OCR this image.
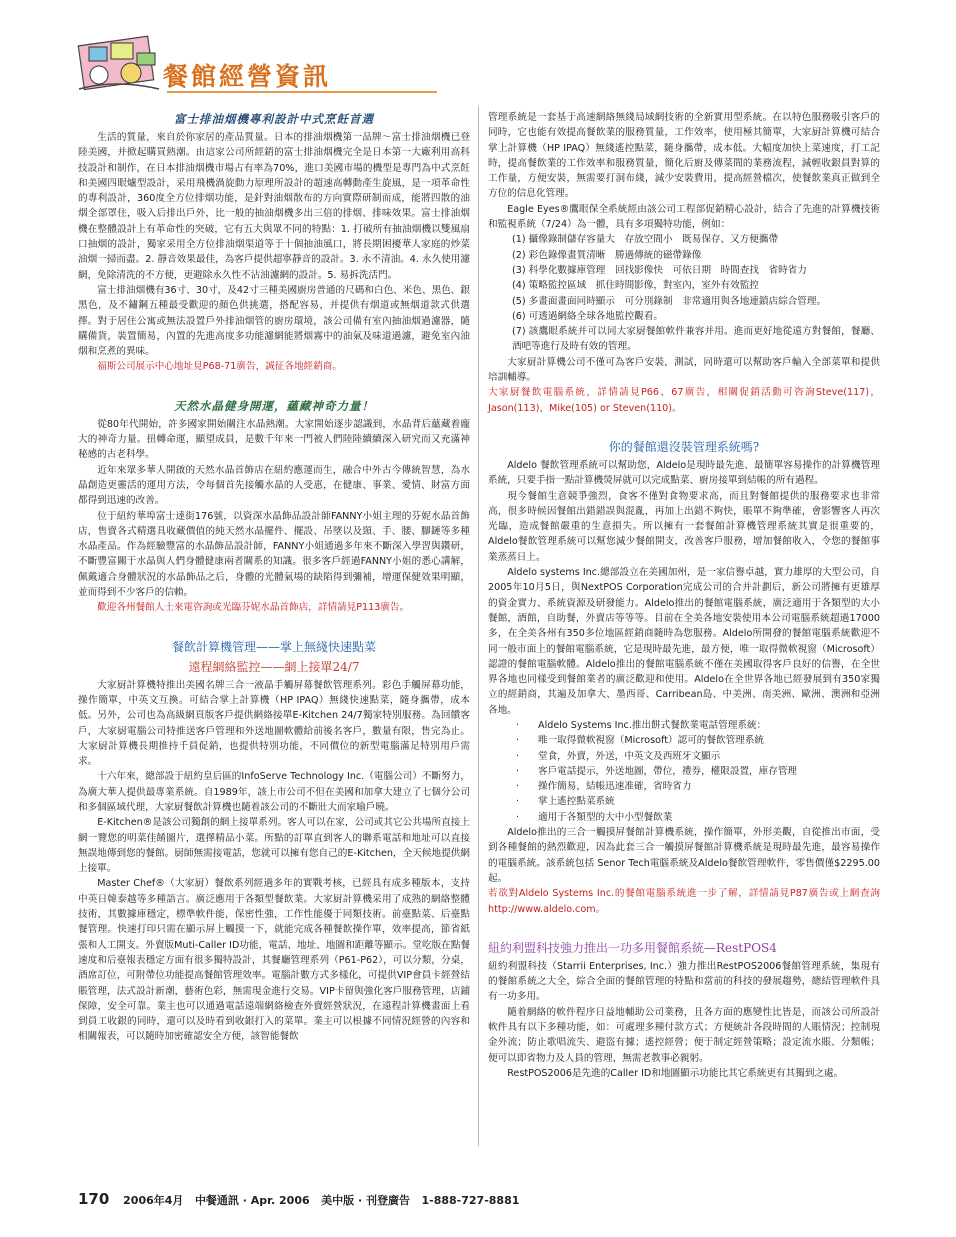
餐館經營資訊
富士排油烟機專利設計中式烹飪首選

生活的質量，來自於你家居的產品質量。日本的排油烟機第一品牌～富士排油烟機已登陸美國，并掀起購買熱潮。由這家公司所經銷的富士排油烟機完全是日本第一大廠利用高科技設計和制作，在日本排油烟機市場占有率為70%，進口美國市場的機型是專門為中式烹飪和美國四眼爐型設計，采用飛機渦旋動力原理所設計的超速高轉動產生旋風，是一項革命性的專利設計，360度全方位排烟功能，是針對油烟散布的方向實際研制而成，能將四散的油烟全部罩住，吸入后排出戶外，比一般的抽油烟機多出三倍的排烟、排味效果。富士排油烟機在整體設計上有革命性的突破，它有五大與眾不同的特點：1. 打破所有抽油烟機以雙風扇口抽烟的設計，獨家采用全方位排油烟渠道等于十個抽油風口，將長期困擾華人家庭的炒菜油烟一掃而盡。2. 靜音效果最佳，為客戶提供超寧靜音的設計。3. 永不清油。4. 永久使用濾網，免除清洗的不方便，更避除永久性不沾油濾網的設計。5. 易拆洗活門。

富士排油烟機有36寸、30寸，及42寸三種美國廚房普通的尺碼和白色、米色、黑色、銀黑色，及不鏽鋼五種最受歡迎的顏色供挑選，搭配容易，并提供有烟道或無烟道款式供選擇。對于居住公寓或無法設置戶外排油烟管的廚房環境，該公司備有室內抽油烟過濾器，隨購備貨，裝置簡易，內置的先進高度多功能濾網能將烟霧中的油氣及味道過濾，避免室內油烟和烹煮的異味。

福斯公司展示中心地址見P68-71廣告，誠征各地經銷商。

天然水晶健身開運，蘊藏神奇力量！

從80年代開始，許多國家開始關注水晶熱潮。大家開始逐步認識到，水晶背后蘊藏着龐大的神奇力量。扭轉命運，顯望成員，是數千年來一門被人們陸陸續續深入研究而又充滿神秘感的古老科學。

近年來眾多華人開啟的天然水晶首飾店在紐約應運而生，融合中外古今傳統智慧，為水晶創造更靈活的運用方法，令每個首先接觸水晶的人受惠，在健康、事業、愛情、財富方面都得到迅速的改善。

位于紐約華埠富士達街176號，以資深水晶飾品設計師FANNY小姐主理的芬妮水晶首飾店，售賣各式精選具收藏價值的純天然水晶擺件、擺設、吊墜以及頸、手、腰、腳鏈等多種水晶產品。作為經驗豐富的水晶飾品設計師，FANNY小姐通過多年來不斷深入學習與鑽研，不斷豐富關于水晶與人們身體健康兩者關系的知識。很多客戶經過FANNY小姐的悉心講解，佩戴適合身體狀況的水晶飾品之后，身體的光體氣場的缺陷得到彌補，增運保健效果明顯，並而得到不少客戶的信賴。

歡迎各州餐館人士來電咨詢或光臨芬妮水晶首飾店，詳情請見P113廣告。

餐飲計算機管理——掌上無綫快速點菜
遠程網絡監控——網上接單24/7

大家厨計算機特推出美國名牌三合一液晶手觸屏幕餐飲管理系列。彩色手觸屏幕功能，操作簡單，中英文互換。可結合掌上計算機（HP IPAQ）無綫快速點菜，隨身攜帶，成本低。另外，公司也為高級網頁版客戶提供網絡接單E-Kitchen 24/7獨家特別服務。為回饋客戶，大家厨電腦公司特推送客戶管理和外送地圖軟體給前後名客戶，數量有限，售完為止。大家厨計算機長期推持千員促銷，也提供特別功能，不同價位的新型電腦滿足特別用戶需求。

十六年來，總部設于紐約皇后區的InfoServe Technology Inc.（電腦公司）不斷努力，為廣大華人提供最專業系統。自1989年，該上市公司不但在美國和加拿大建立了七個分公司和多個區域代理，大家厨餐飲計算機也隨着該公司的不斷壯大而家喻戶曉。

E-Kitchen®是該公司獨創的網上接單系列。客人可以在家，公司或其它公共場所直接上網一覽您的明菜佳餚圖片，選擇精品小菜。所點的訂單直到客人的聯系電話和地址可以直接無誤地傳到您的餐館。厨師無需接電話，您就可以擁有您自己的E-Kitchen，全天候地提供網上接單。

Master Chef®（大家厨）餐飲系列經過多年的實戰考核，已經具有成多種版本，支持中英日韓泰越等多種語言。廣泛應用于各類型餐飲業。大家厨計算機采用了成熟的網絡整體技術，其數據庫穩定，標準軟件能，保密性強，工作性能優于同類技術。前臺點菜、后臺點餐管理。快速打印只需在顯示屏上觸摸一下，就能完成各種餐飲操作單，效率提高，節省紙張和人工開支。外賣版Muti-Caller ID功能，電話、地址、地圖和距離等顯示。堂吃版在點餐速度和后臺報表穩定方面有很多獨特設計，其餐廳管理系列（P61-P62），可以分類，分桌，酒席訂位，可附帶位功能提高餐館管理效率。電腦計數方式多樣化，可提供VIP會員卡經營結賬管理，法式設計新潮，藝術色彩，無需現金進行交易。VIP卡留與強化客戶服務管理，店鋪保障，安全可靠。業主也可以通過電話遠端網絡檢查外賣經營狀況，在遠程計算機畫面上看到員工收銀的同時，還可以及時看到收銀打入的菜單。業主可以根據不同情況經營的內容和相關報表，可以隨時加密確認安全方便，該智能餐飲

管理系統是一套基于高速網絡無綫局域網技術的全新實用型系統。在以特色服務吸引客戶的同時，它也能有效提高餐飲業的服務質量，工作效率，使用極其簡單，大家厨計算機可結合掌上計算機（HP IPAQ）無綫遙控點菜，隨身攜帶，成本低。大幅度加快上菜速度，打工記時，提高餐飲業的工作效率和服務質量，簡化后廚及傳菜間的業務流程，減輕收銀員對算的工作量，方便安裝，無需要打洞布綫，減少安裝費用，提高經營檔次，使餐飲業真正做到全方位的信息化管理。

Eagle Eyes®鷹眼保全系統經由該公司工程部促銷精心設計，結合了先進的計算機技術和監視系統（7/24）為一體，具有多項獨特功能，例如：

(1) 攝像錄制儲存容量大　存放空間小　既易保存、又方便攜帶
(2) 彩色錄像畫質清晰　勝過傳統的磁帶錄像
(3) 科學化數據庫管理　回找影像快　可依日期　時間查找　省時省力
(4) 策略監控區域　抓住時間影像，對室內，室外有效監控
(5) 多畫面畫面同時顯示　可分別錄制　非常適用與各地連鎖店綜合管理。
(6) 可透過網絡全球各地監控觀看。
(7) 該鷹眼系統并可以同大家厨餐館軟件兼容并用。進而更好地從遠方對餐館，餐廳、酒吧等進行及時有效的管理。

大家厨計算機公司不僅可為客戶安裝，測試，同時還可以幫助客戶輸入全部菜單和提供培訓輔導。

大家厨餐飲電腦系統，詳情請見P66、67廣告，相關促銷活動可咨詢Steve(117)，Jason(113)，Mike(105) or Steven(110)。

你的餐館還沒裝管理系統嗎?

Aldelo 餐飲管理系統可以幫助您，Aldelo是現時最先進、最簡單容易操作的計算機管理系統，只要手指一點計算機熒屏就可以完成點菜、廚房接單到結帳的所有過程。

現今餐館生意競爭強烈，食客不僅對食物要求高，而且對餐館提供的服務要求也非常高，很多時候因餐館出錯錯誤與混亂，再加上出錯不夠快，賬單不夠準確，會影響客人再次光臨，造成餐館嚴重的生意損失。所以擁有一套餐館計算機管理系統其實是很重要的，Aldelo餐飲管理系統可以幫您減少餐館開支，改善客戶服務，增加餐館收入，令您的餐館事業蒸蒸日上。

Aldelo systems Inc.總部設立在美國加州，是一家信譽卓越，實力雄厚的大型公司，自2005年10月5日，與NextPOS Corporation完成公司的合并計劃后，新公司將擁有更雄厚的資金實力、系統資源及研發能力。Aldelo推出的餐館電腦系統，廣泛適用于各類型的大小餐館，酒館，自助餐，外賣店等等等。目前在全美各地安裝使用本公司電腦系統超過17000多，在全美各州有350多位地區經銷商隨時為您服務。Aldelo所開發的餐館電腦系統歡迎不同一般市面上的餐館電腦系統，它是現時最先進，最方便，唯一取得微軟視窗（Microsoft）認證的餐館電腦軟體。Aldelo推出的餐館電腦系統不僅在美國取得客戶良好的信譽，在全世界各地也同樣受到餐館業者的廣泛歡迎和使用。Aldelo在全世界各地已經發展到有350家獨立的經銷商，其遍及加拿大、墨西哥、Carribean島、中美洲、南美洲、歐洲、澳洲和亞洲各地。

· Aldelo Systems Inc.推出餅式餐飲業電話管理系統：
· 唯一取得微軟視窗（Microsoft）認可的餐飲管理系統
· 堂食，外賣，外送，中英文及西班牙文顯示
· 客戶電話提示，外送地圖，帶位，禮券，權限設置，庫存管理
· 操作簡易，結帳迅速准確，省時省力
· 掌上遙控點菜系統
· 適用于各類型的大中小型餐飲業

Aldelo推出的三合一觸摸屏餐館計算機系統，操作簡單，外形美觀，自從推出市面，受到各種餐館的熱烈歡迎，因為此套三合一觸摸屏餐館計算機系統是現時最先進，最容易操作的電腦系統。該系統包括 Senor Tech電腦系統及Aldelo餐飲管理軟件，零售價僅$2295.00起。

若欲對Aldelo Systems Inc.的餐館電腦系統進一步了解，詳情請見P87廣告或上網查詢http://www.aldelo.com。

紐約利盟科技強力推出一功多用餐館系統—RestPOS4

紐約利盟科技（Starrii Enterprises, Inc.）強力推出RestPOS2006餐館管理系統，集現有的餐館系統之大全，綜合全面的餐館管理的特點和當前的科技的發展趨勢，總結管理軟件具有一功多用。

隨着網絡的軟件程序日益地輔助公司業務，且各方面的應變性比皆是，而該公司所設計軟件具有以下多種功能，如：可處理多種付款方式；方便統計各段時間的人賬情況；控制現金外流；防止歌唱流失、避盜有據；遙控經營；便于制定經營策略；設定流水賬、分類帳；便可以即省物力及人員的管理，無需老教事必親躬。

RestPOS2006是先進的Caller ID和地圖顯示功能比其它系統更有其獨到之處。

170 2006年4月 中餐通訊 · Apr. 2006 美中版 · 刊登廣告 1-888-727-8881
